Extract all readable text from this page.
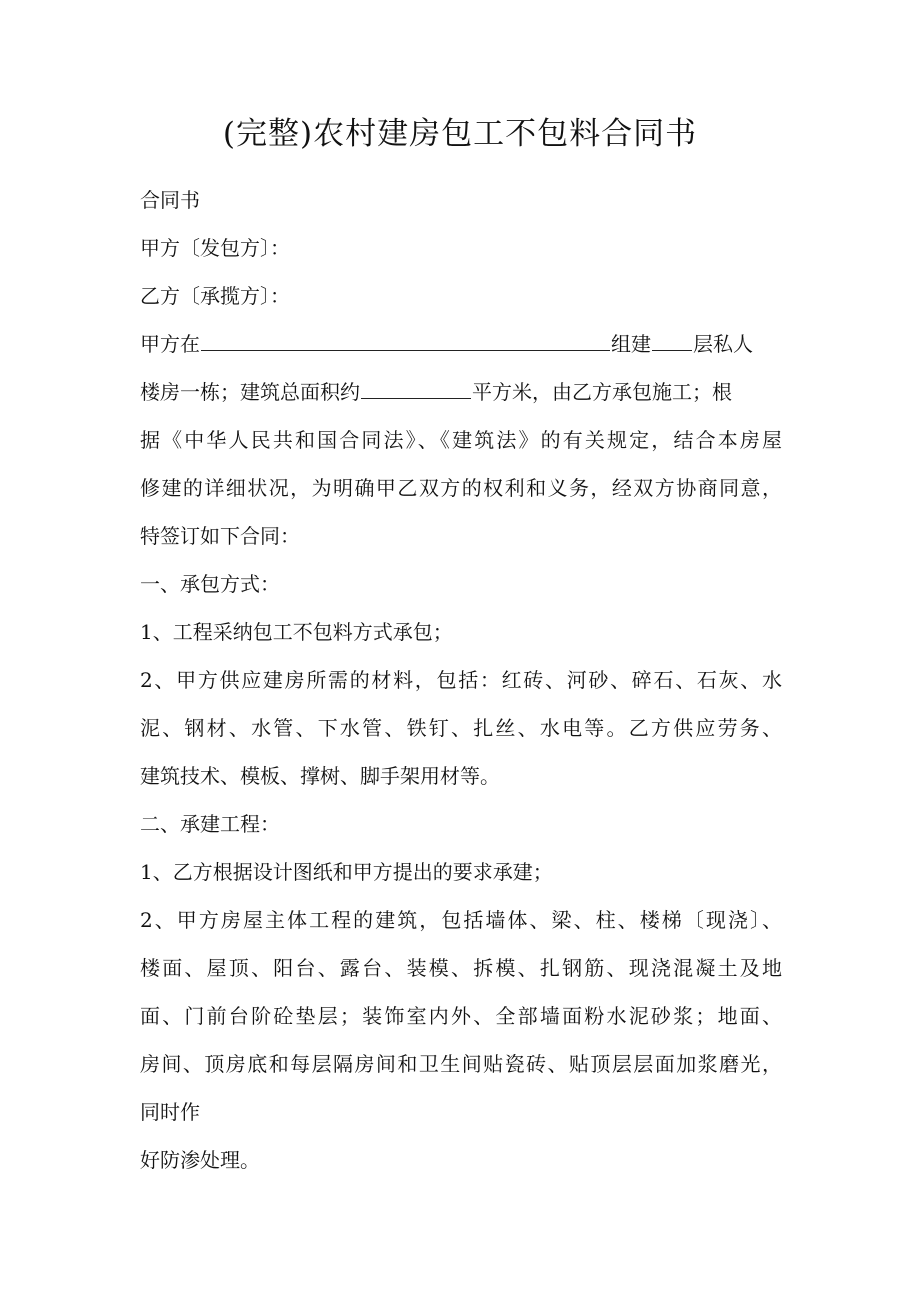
(完整)农村建房包工不包料合同书
合同书
甲方〔发包方〕：
乙方〔承揽方〕：
甲方在	组建 层私人
楼房一栋；建筑总面积约	平方米，由乙方承包施工；根
据《中华人民共和国合同法》、《建筑法》的有关规定，结合本房屋
修建的详细状况，为明确甲乙双方的权利和义务，经双方协商同意，
特签订如下合同：
一、承包方式：
1、工程采纳包工不包料方式承包；
2、甲方供应建房所需的材料，包括：红砖、河砂、碎石、石灰、水
泥、钢材、水管、下水管、铁钉、扎丝、水电等。乙方供应劳务、
建筑技术、模板、撑树、脚手架用材等。
二、承建工程：
1、乙方根据设计图纸和甲方提出的要求承建；
2、甲方房屋主体工程的建筑，包括墙体、梁、柱、楼梯〔现浇〕、
楼面、屋顶、阳台、露台、装模、拆模、扎钢筋、现浇混凝土及地
面、门前台阶砼垫层；装饰室内外、全部墙面粉水泥砂浆；地面、
房间、顶房底和每层隔房间和卫生间贴瓷砖、贴顶层层面加浆磨光，
同时作
好防渗处理。
